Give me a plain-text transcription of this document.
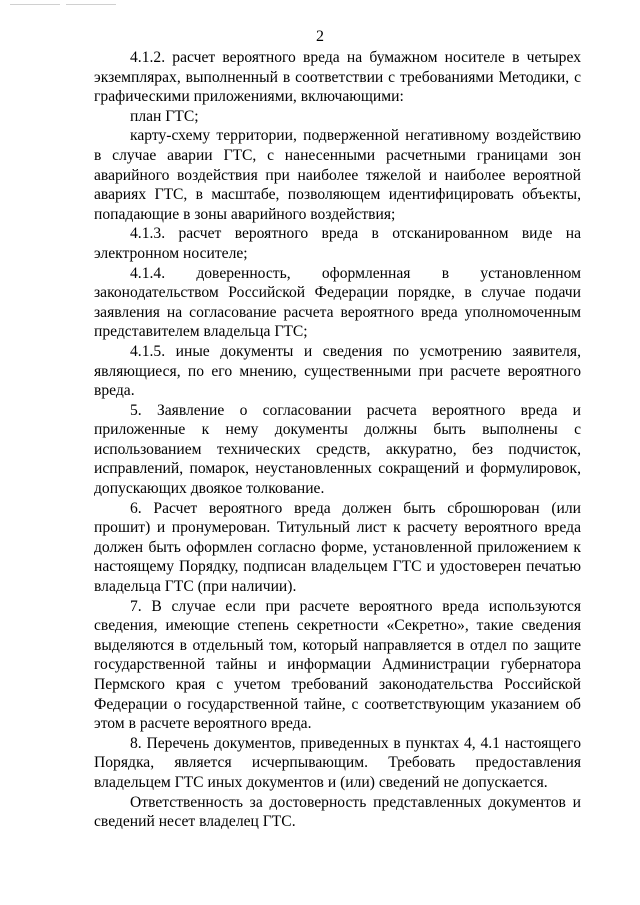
2

4.1.2. расчет вероятного вреда на бумажном носителе в четырех экземплярах, выполненный в соответствии с требованиями Методики, с графическими приложениями, включающими:

план ГТС;

карту-схему территории, подверженной негативному воздействию в случае аварии ГТС, с нанесенными расчетными границами зон аварийного воздействия при наиболее тяжелой и наиболее вероятной авариях ГТС, в масштабе, позволяющем идентифицировать объекты, попадающие в зоны аварийного воздействия;

4.1.3. расчет вероятного вреда в отсканированном виде на электронном носителе;

4.1.4. доверенность, оформленная в установленном законодательством Российской Федерации порядке, в случае подачи заявления на согласование расчета вероятного вреда уполномоченным представителем владельца ГТС;

4.1.5. иные документы и сведения по усмотрению заявителя, являющиеся, по его мнению, существенными при расчете вероятного вреда.

5. Заявление о согласовании расчета вероятного вреда и приложенные к нему документы должны быть выполнены с использованием технических средств, аккуратно, без подчисток, исправлений, помарок, неустановленных сокращений и формулировок, допускающих двоякое толкование.

6. Расчет вероятного вреда должен быть сброшюрован (или прошит) и пронумерован. Титульный лист к расчету вероятного вреда должен быть оформлен согласно форме, установленной приложением к настоящему Порядку, подписан владельцем ГТС и удостоверен печатью владельца ГТС (при наличии).

7. В случае если при расчете вероятного вреда используются сведения, имеющие степень секретности «Секретно», такие сведения выделяются в отдельный том, который направляется в отдел по защите государственной тайны и информации Администрации губернатора Пермского края с учетом требований законодательства Российской Федерации о государственной тайне, с соответствующим указанием об этом в расчете вероятного вреда.

8. Перечень документов, приведенных в пунктах 4, 4.1 настоящего Порядка, является исчерпывающим. Требовать предоставления владельцем ГТС иных документов и (или) сведений не допускается.

Ответственность за достоверность представленных документов и сведений несет владелец ГТС.
